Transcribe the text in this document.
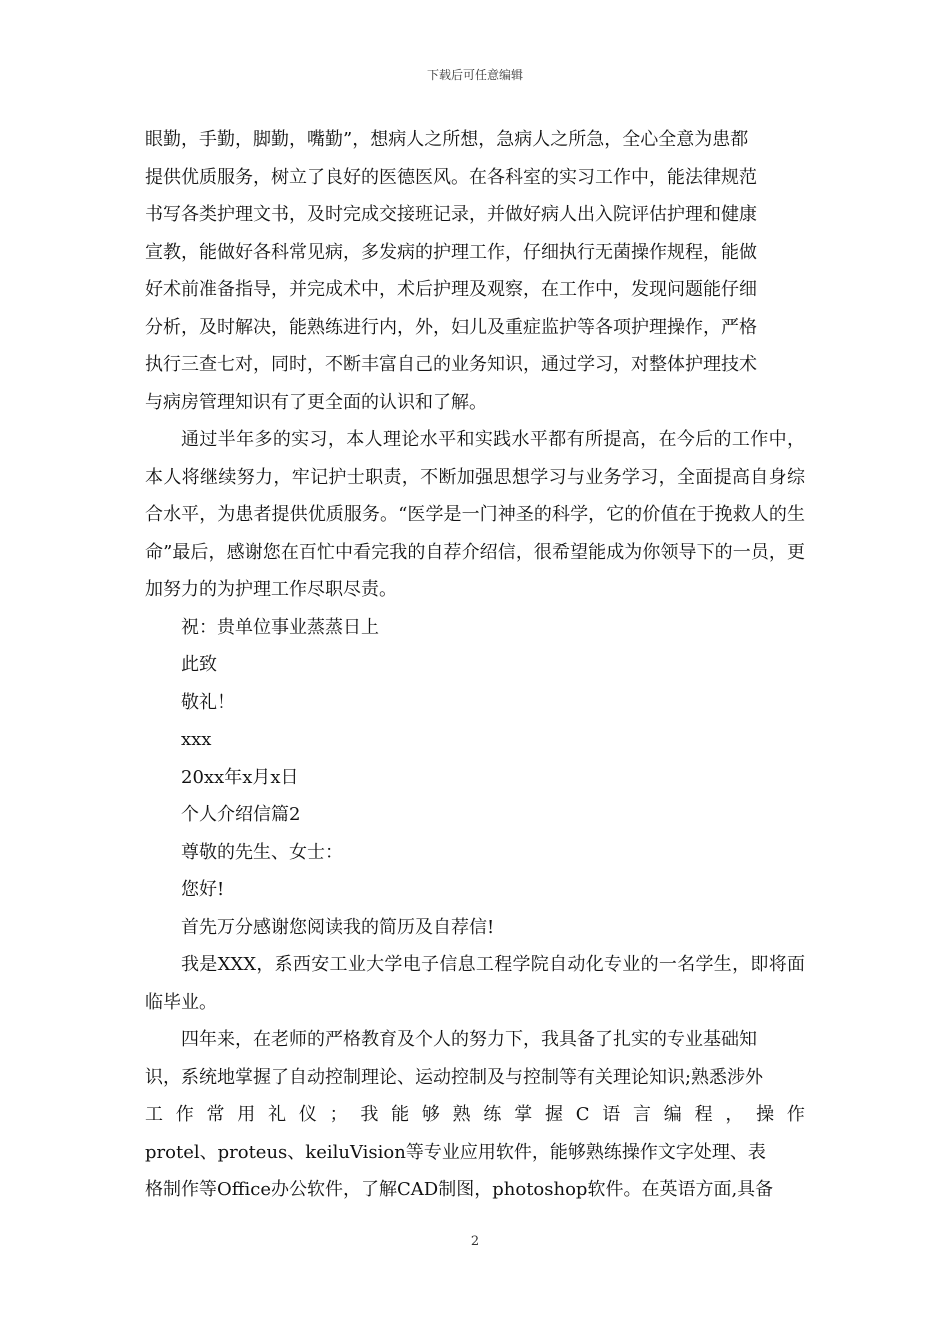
下载后可任意编辑

眼勤，手勤，脚勤，嘴勤”，想病人之所想，急病人之所急，全心全意为患都

提供优质服务，树立了良好的医德医风。在各科室的实习工作中，能法律规范

书写各类护理文书，及时完成交接班记录，并做好病人出入院评估护理和健康

宣教，能做好各科常见病，多发病的护理工作，仔细执行无菌操作规程，能做

好术前准备指导，并完成术中，术后护理及观察，在工作中，发现问题能仔细

分析，及时解决，能熟练进行内，外，妇儿及重症监护等各项护理操作，严格

执行三查七对，同时，不断丰富自己的业务知识，通过学习，对整体护理技术

与病房管理知识有了更全面的认识和了解。

通过半年多的实习，本人理论水平和实践水平都有所提高，在今后的工作中，本人将继续努力，牢记护士职责，不断加强思想学习与业务学习，全面提高自身综合水平，为患者提供优质服务。“医学是一门神圣的科学，它的价值在于挽救人的生命”最后，感谢您在百忙中看完我的自荐介绍信，很希望能成为你领导下的一员，更加努力的为护理工作尽职尽责。

祝：贵单位事业蒸蒸日上

此致

敬礼！

xxx

20xx年x月x日

个人介绍信篇2

尊敬的先生、女士：

您好!

首先万分感谢您阅读我的简历及自荐信!

我是XXX，系西安工业大学电子信息工程学院自动化专业的一名学生，即将面临毕业。

四年来，在老师的严格教育及个人的努力下，我具备了扎实的专业基础知

识，系统地掌握了自动控制理论、运动控制及与控制等有关理论知识;熟悉涉外

工 作 常 用 礼 仪 ； 我 能 够 熟 练 掌 握 C 语 言 编 程 ， 操 作

protel、proteus、keiluVision等专业应用软件，能够熟练操作文字处理、表

格制作等Office办公软件，了解CAD制图，photoshop软件。在英语方面,具备

2
